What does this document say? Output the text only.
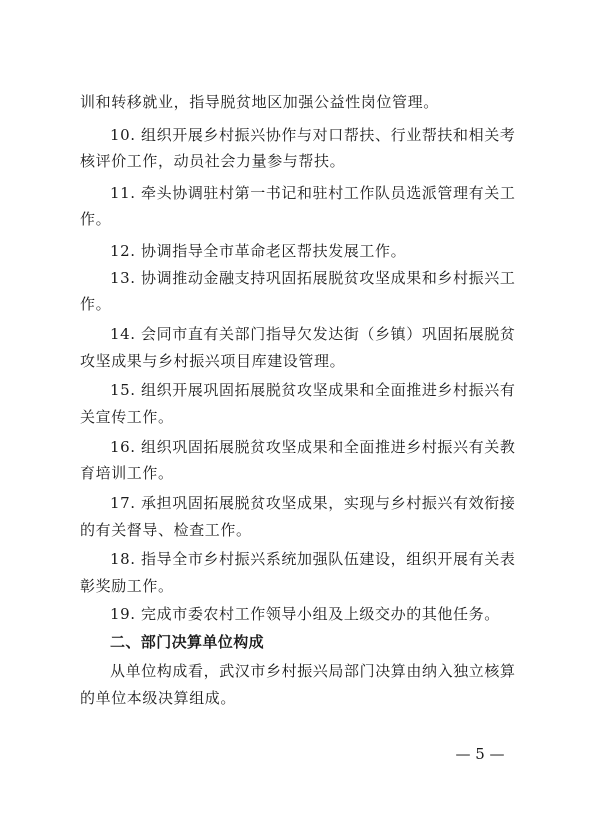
训和转移就业，指导脱贫地区加强公益性岗位管理。
10. 组织开展乡村振兴协作与对口帮扶、行业帮扶和相关考
核评价工作，动员社会力量参与帮扶。
11. 牵头协调驻村第一书记和驻村工作队员选派管理有关工
作。
12. 协调指导全市革命老区帮扶发展工作。
13. 协调推动金融支持巩固拓展脱贫攻坚成果和乡村振兴工
作。
14. 会同市直有关部门指导欠发达街（乡镇）巩固拓展脱贫
攻坚成果与乡村振兴项目库建设管理。
15. 组织开展巩固拓展脱贫攻坚成果和全面推进乡村振兴有
关宣传工作。
16. 组织巩固拓展脱贫攻坚成果和全面推进乡村振兴有关教
育培训工作。
17. 承担巩固拓展脱贫攻坚成果，实现与乡村振兴有效衔接
的有关督导、检查工作。
18. 指导全市乡村振兴系统加强队伍建设，组织开展有关表
彰奖励工作。
19. 完成市委农村工作领导小组及上级交办的其他任务。
二、部门决算单位构成
从单位构成看，武汉市乡村振兴局部门决算由纳入独立核算
的单位本级决算组成。
— 5 —
